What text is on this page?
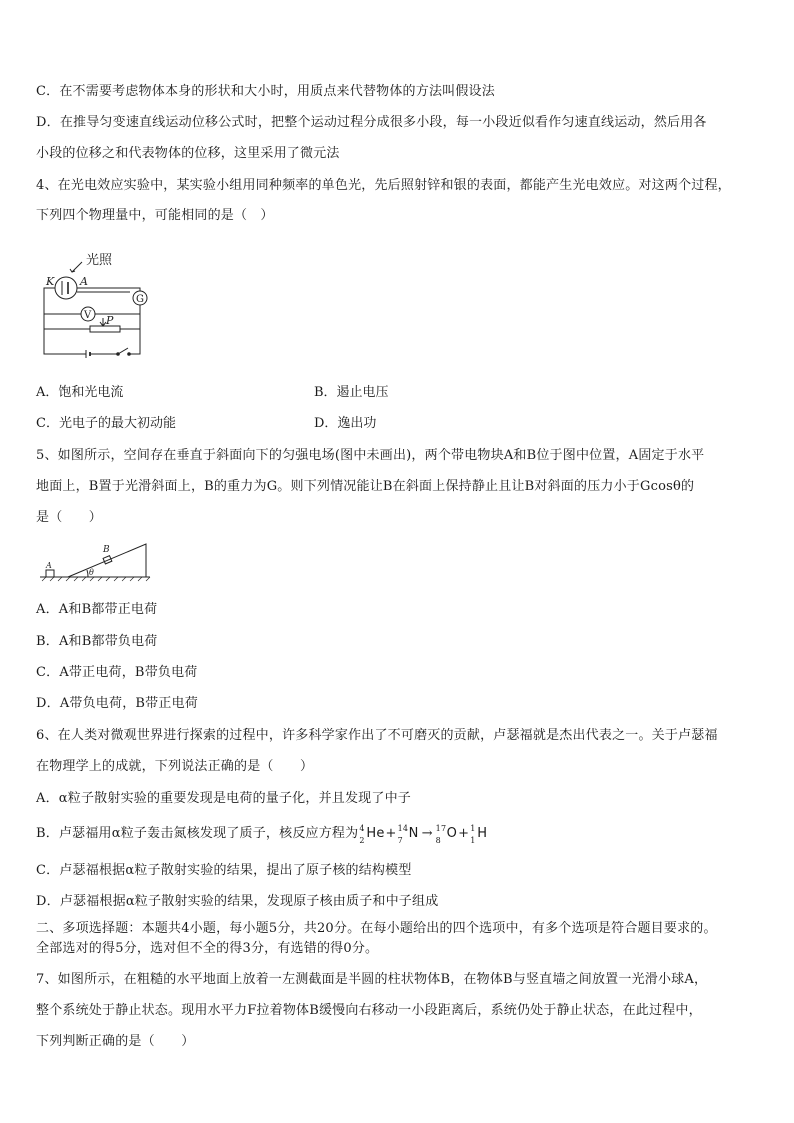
C．在不需要考虑物体本身的形状和大小时，用质点来代替物体的方法叫假设法
D．在推导匀变速直线运动位移公式时，把整个运动过程分成很多小段，每一小段近似看作匀速直线运动，然后用各
小段的位移之和代表物体的位移，这里采用了微元法
4、在光电效应实验中，某实验小组用同种频率的单色光，先后照射锌和银的表面，都能产生光电效应。对这两个过程，
下列四个物理量中，可能相同的是（　）
光照
K A
G
V P
A．饱和光电流	B．遏止电压
C．光电子的最大初动能	D．逸出功
5、如图所示，空间存在垂直于斜面向下的匀强电场(图中未画出)，两个带电物块A和B位于图中位置，A固定于水平
地面上，B置于光滑斜面上，B的重力为G。则下列情况能让B在斜面上保持静止且让B对斜面的压力小于Gcosθ的
是（　　）
A
B
θ
A．A和B都带正电荷
B．A和B都带负电荷
C．A带正电荷，B带负电荷
D．A带负电荷，B带正电荷
6、在人类对微观世界进行探索的过程中，许多科学家作出了不可磨灭的贡献，卢瑟福就是杰出代表之一。关于卢瑟福
在物理学上的成就，下列说法正确的是（　　）
A．α粒子散射实验的重要发现是电荷的量子化，并且发现了中子
B．卢瑟福用α粒子轰击氮核发现了质子，核反应方程为 4
2 He+ 14
7 N → 17
8 O+ 1
1 H
C．卢瑟福根据α粒子散射实验的结果，提出了原子核的结构模型
D．卢瑟福根据α粒子散射实验的结果，发现原子核由质子和中子组成
二、多项选择题：本题共4小题，每小题5分，共20分。在每小题给出的四个选项中，有多个选项是符合题目要求的。
全部选对的得5分，选对但不全的得3分，有选错的得0分。
7、如图所示，在粗糙的水平地面上放着一左测截面是半圆的柱状物体B，在物体B与竖直墙之间放置一光滑小球A，
整个系统处于静止状态。现用水平力F拉着物体B缓慢向右移动一小段距离后，系统仍处于静止状态，在此过程中，
下列判断正确的是（　　）
